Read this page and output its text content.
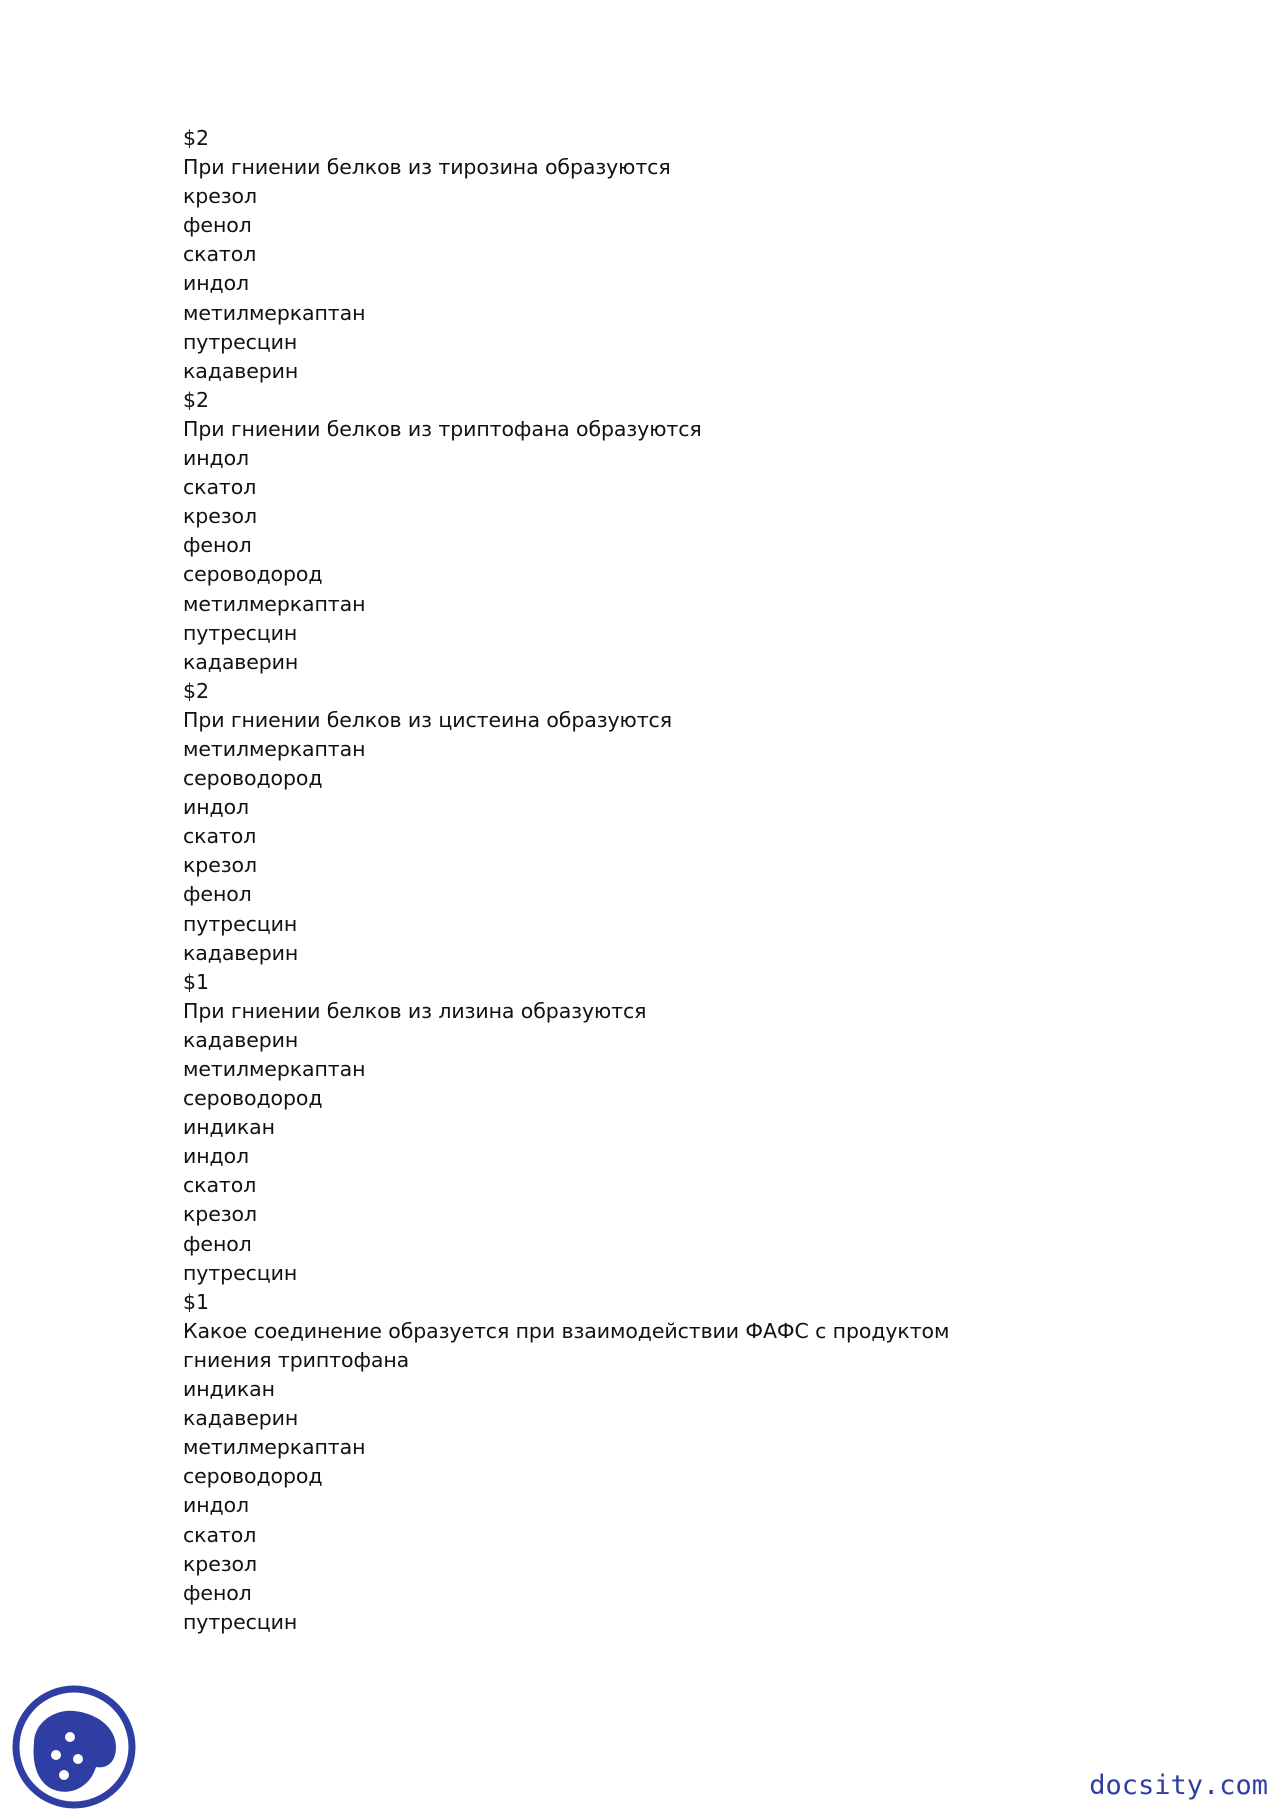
$2
При гниении белков из тирозина образуются
крезол
фенол
скатол
индол
метилмеркаптан
путресцин
кадаверин
$2
При гниении белков из триптофана образуются
индол
скатол
крезол
фенол
сероводород
метилмеркаптан
путресцин
кадаверин
$2
При гниении белков из цистеина образуются
метилмеркаптан
сероводород
индол
скатол
крезол
фенол
путресцин
кадаверин
$1
При гниении белков из лизина образуются
кадаверин
метилмеркаптан
сероводород
индикан
индол
скатол
крезол
фенол
путресцин
$1
Какое соединение образуется при взаимодействии ФАФС с продуктом
гниения триптофана
индикан
кадаверин
метилмеркаптан
сероводород
индол
скатол
крезол
фенол
путресцин
docsity.com
